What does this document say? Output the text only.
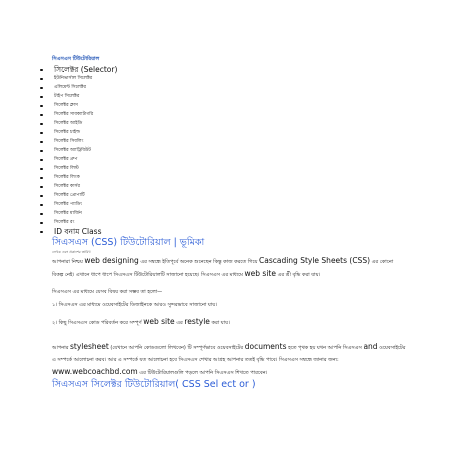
সিএসএস টিউটোরিয়াল
সিলেক্টর (Selector)
ইউনিভার্সাল সিলেক্টর
এলিমেন্ট সিলেক্টর
টাইপ সিলেক্টর
সিলেক্টর ক্লাস
সিলেক্টর সাবক্যাটাগরি
সিলেক্টর আইডি
সিলেক্টর চাইল্ড
সিলেক্টর সিবলিং
সিলেক্টর অ্যাট্রিবিউট
সিলেক্টর গ্রুপ
সিলেক্টর লিস্ট
সিলেক্টর লিংক
সিলেক্টর কার্সর
সিলেক্টর প্রোপার্টি
সিলেক্টর প্যাডিং
সিলেক্টর মার্জিন
সিলেক্টর রং
ID বনাম Class
সিএসএস (CSS) টিউটোরিয়াল | ভূমিকা
লেখক এবং প্রকাশের তারিখ

আপনারা নিশ্চয় web designing এর সম্বন্ধে ইতিপূর্বে অনেক শুনেছেন কিন্তু কাজ করতে গিয়ে Cascading Style Sheets (CSS) এর কোনো বিকল্প নেই। এখানে ধাপে ধাপে সিএসএস টিউটোরিয়ালটি সাজানো হয়েছে। সিএসএস এর মাধ্যমে web site এর শ্রী বৃদ্ধি করা যায়।

সিএসএস এর মাধ্যমে যেসব বিষয় করা সম্ভব তা হলো—

১। সিএসএস এর মাধ্যমে ওয়েবসাইটের ডিজাইনকে আরও সুন্দরভাবে সাজানো যায়।

২। কিছু সিএসএস কোড পরিবর্তন করে সম্পূর্ণ web site এর restyle করা যায়।

আপনার stylesheet (যেখানে আপনি কোডগুলো লিখবেন) টি সম্পূর্ণভাবে ওয়েবসাইটের documents হতে পৃথক হয় যখন আপনি সিএসএস and ওয়েবসাইটের এ সম্পর্কে আলোচনা করব। আর এ সম্পর্কে যত আলোচনা হবে সিএসএস শেখার আগ্রহ আপনার ততই বৃদ্ধি পাবে। সিএসএস সম্বন্ধে জানার জন্য: www.webcoachbd.com এর টিউটোরিয়ালগুলি পড়লে আপনি সিএসএস শিখতে পারবেন।

সিএসএস সিলেক্টর টিউটোরিয়াল( CSS Sel ect or )
